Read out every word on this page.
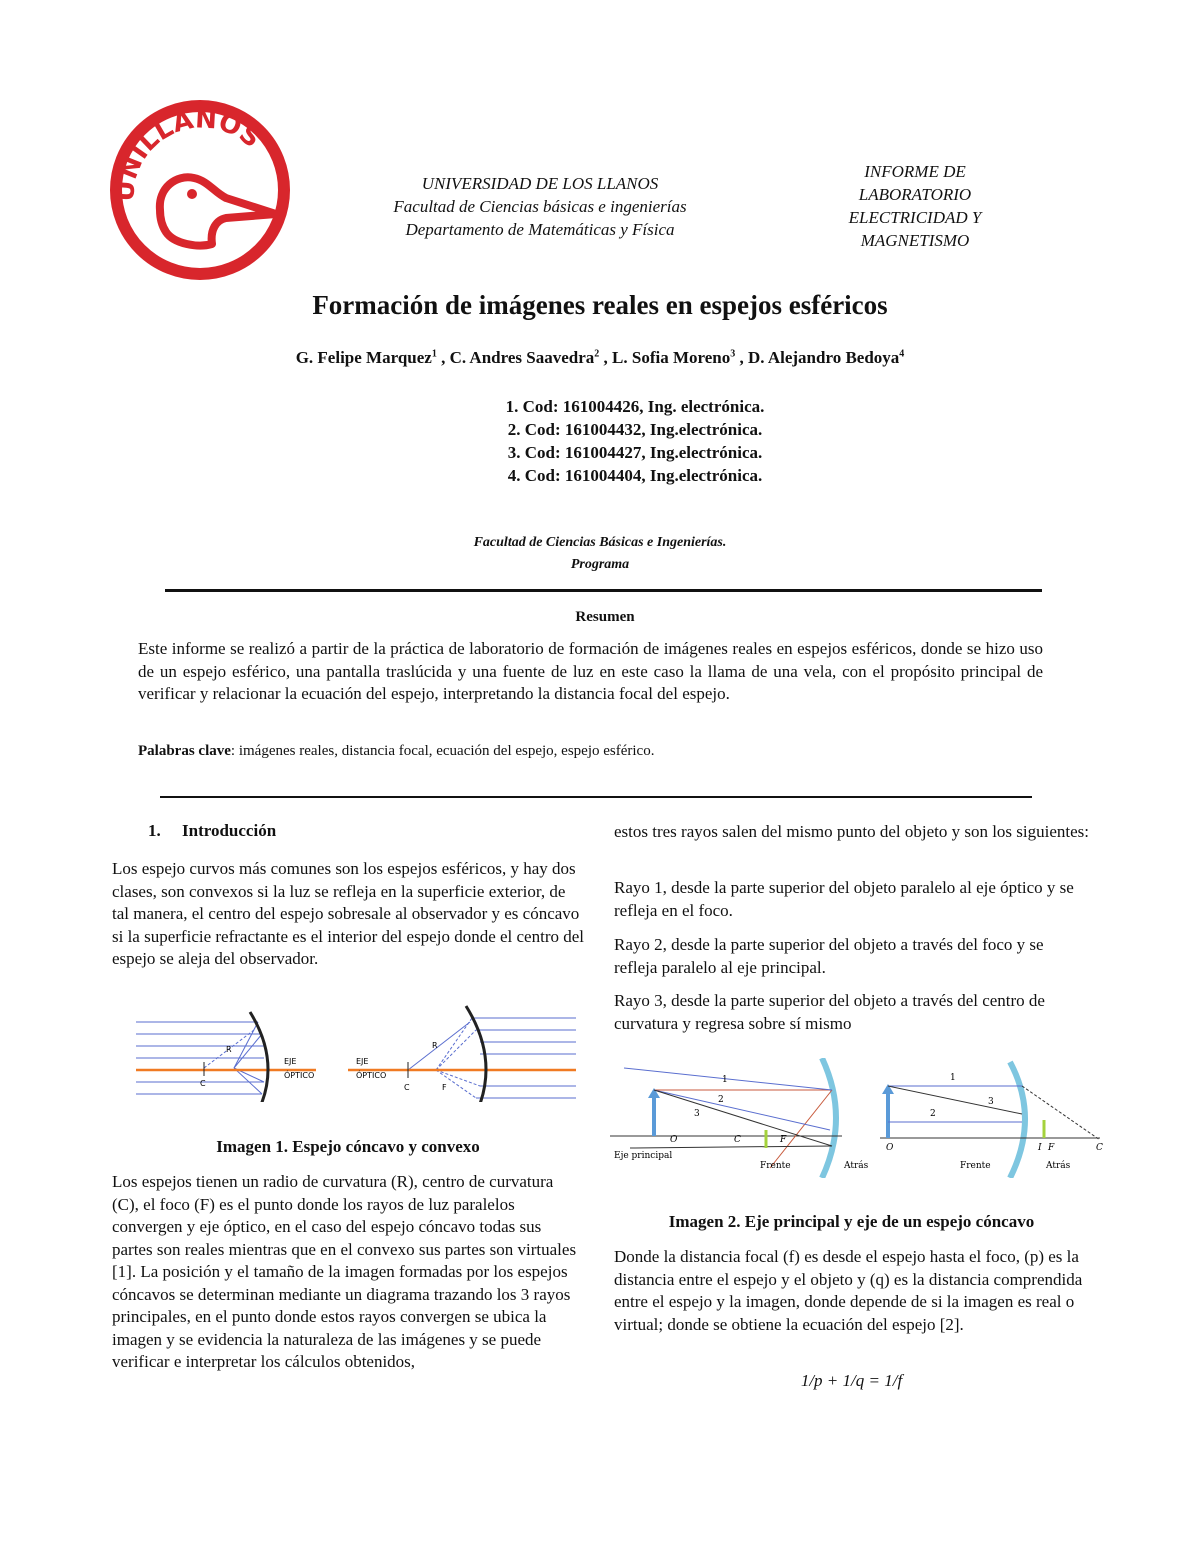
UNILLANOS
UNIVERSIDAD DE LOS LLANOS
Facultad de Ciencias básicas e ingenierías
Departamento de Matemáticas y Física
INFORME DE LABORATORIO ELECTRICIDAD Y MAGNETISMO
Formación de imágenes reales en espejos esféricos
G. Felipe Marquez$^1$ , C. Andres Saavedra$^2$ , L. Sofia Moreno$^3$ , D. Alejandro Bedoya$^4$
1. Cod: 161004426, Ing. electrónica.
2. Cod: 161004432, Ing.electrónica.
3. Cod: 161004427, Ing.electrónica.
4. Cod: 161004404, Ing.electrónica.
Facultad de Ciencias Básicas e Ingenierías.
Programa
Resumen

Este informe se realizó a partir de la práctica de laboratorio de formación de imágenes reales en espejos esféricos, donde se hizo uso de un espejo esférico, una pantalla traslúcida y una fuente de luz en este caso la llama de una vela, con el propósito principal de verificar y relacionar la ecuación del espejo, interpretando la distancia focal del espejo.

Palabras clave: imágenes reales, distancia focal, ecuación del espejo, espejo esférico.
1. Introducción

Los espejo curvos más comunes son los espejos esféricos, y hay dos clases, son convexos si la luz se refleja en la superficie exterior, de tal manera, el centro del espejo sobresale al observador y es cóncavo si la superficie refractante es el interior del espejo donde el centro del espejo se aleja del observador.

C
R
EJE
ÓPTICO
C	F
R
EJE
ÓPTICO
Imagen 1. Espejo cóncavo y convexo

Los espejos tienen un radio de curvatura (R), centro de curvatura (C), el foco (F) es el punto donde los rayos de luz paralelos convergen y eje óptico, en el caso del espejo cóncavo todas sus partes son reales mientras que en el convexo sus partes son virtuales [1]. La posición y el tamaño de la imagen formadas por los espejos cóncavos se determinan mediante un diagrama trazando los 3 rayos principales, en el punto donde estos rayos convergen se ubica la imagen y se evidencia la naturaleza de las imágenes y se puede verificar e interpretar los cálculos obtenidos,

estos tres rayos salen del mismo punto del objeto y son los siguientes:

Rayo 1, desde la parte superior del objeto paralelo al eje óptico y se refleja en el foco.

Rayo 2, desde la parte superior del objeto a través del foco y se refleja paralelo al eje principal.

Rayo 3, desde la parte superior del objeto a través del centro de curvatura y regresa sobre sí mismo

1
2
3
O	C	F
Eje principal
Frente	Atrás
1
2
3
O	I F	C
Frente	Atrás
Imagen 2. Eje principal y eje de un espejo cóncavo

Donde la distancia focal (f) es desde el espejo hasta el foco, (p) es la distancia entre el espejo y el objeto y (q) es la distancia comprendida entre el espejo y la imagen, donde depende de si la imagen es real o virtual; donde se obtiene la ecuación del espejo [2].

1/p + 1/q = 1/f
